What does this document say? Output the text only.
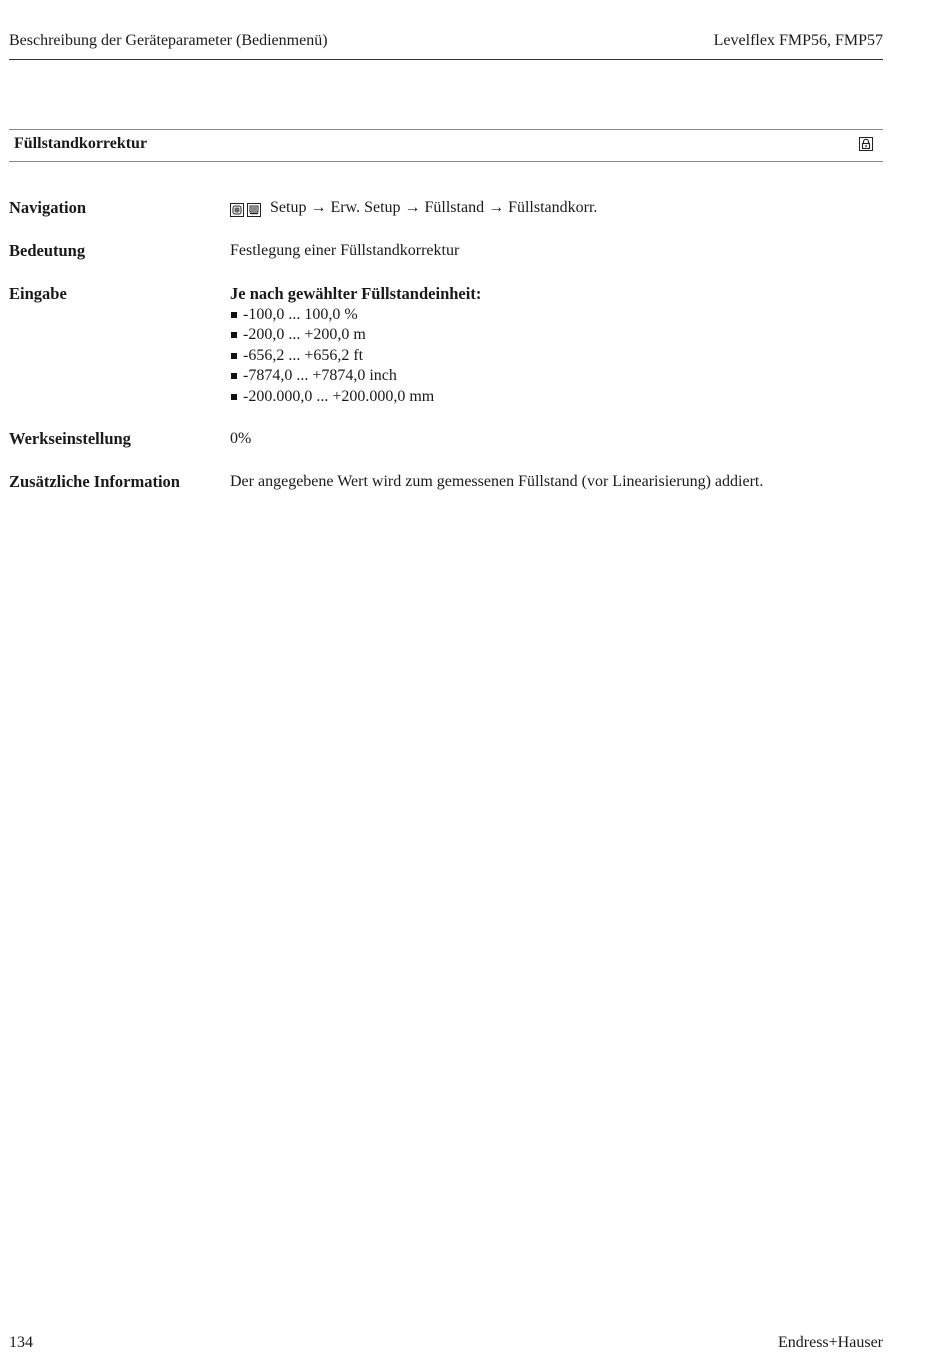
Beschreibung der Geräteparameter (Bedienmenü)	Levelflex FMP56, FMP57
Füllstandkorrektur
Navigation	Setup → Erw. Setup → Füllstand → Füllstandkorr.
Bedeutung	Festlegung einer Füllstandkorrektur
Eingabe	Je nach gewählter Füllstandeinheit:
-100,0 ... 100,0 %
-200,0 ... +200,0 m
-656,2 ... +656,2 ft
-7874,0 ... +7874,0 inch
-200.000,0 ... +200.000,0 mm
Werkseinstellung	0%
Zusätzliche Information	Der angegebene Wert wird zum gemessenen Füllstand (vor Linearisierung) addiert.
134	Endress+Hauser
